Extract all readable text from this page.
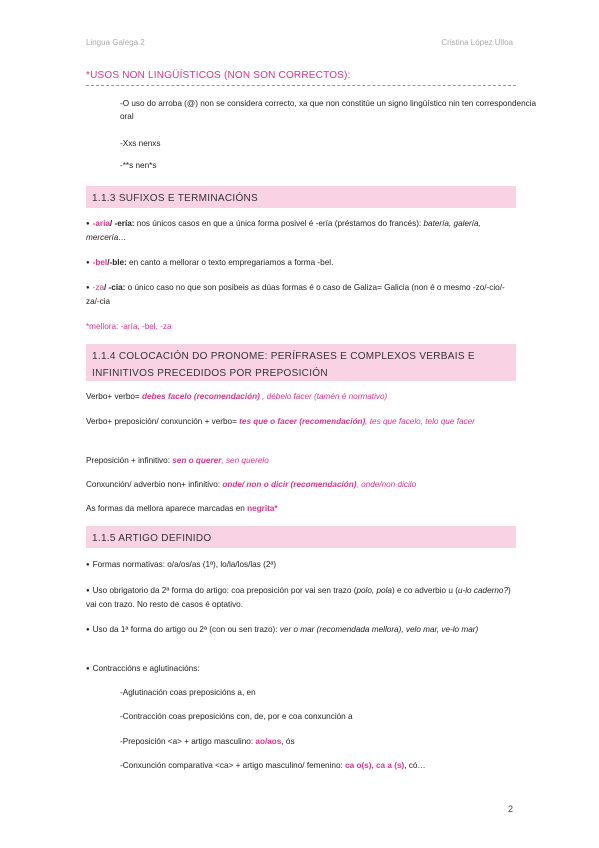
Lingua Galega 2	Cristina López Ulloa
*USOS NON LINGÜÍSTICOS (NON SON CORRECTOS):
-O uso do arroba (@) non se considera correcto, xa que non constitúe un signo lingüístico nin ten correspondencia oral
-Xxs nenxs
-**s nen*s
1.1.3 SUFIXOS E TERMINACIÓNS
● -aría/ -ería: nos únicos casos en que a única forma posivel é -ería (préstamos do francés): batería, galería, mercería…
● -bel/-ble: en canto a mellorar o texto empregariamos a forma -bel.
● -za/ -cia: o único caso no que son posibeis as dúas formas é o caso de Galiza= Galicia (non é o mesmo -zo/-cio/-za/-cia
*mellora: -aría, -bel, -za
1.1.4 COLOCACIÓN DO PRONOME: PERÍFRASES E COMPLEXOS VERBAIS E INFINITIVOS PRECEDIDOS POR PREPOSICIÓN
Verbo+ verbo= debes facelo (recomendación) , débelo facer (tamén é normativo)
Verbo+ preposición/ conxunción + verbo= tes que o facer (recomendación), tes que facelo, telo que facer
Preposición + infinitivo: sen o querer, sen querelo
Conxunción/ adverbio non+ infinitivo: onde/ non o dicir (recomendación), onde/non dicilo
As formas da mellora aparece marcadas en negrita*
1.1.5 ARTIGO DEFINIDO
● Formas normativas: o/a/os/as (1ª), lo/la/los/las (2ª)
● Uso obrigatorio da 2ª forma do artigo: coa preposición por vai sen trazo (polo, pola) e co adverbio u (u-lo caderno?) vai con trazo. No resto de casos é optativo.
● Uso da 1ª forma do artigo ou 2ª (con ou sen trazo): ver o mar (recomendada mellora), velo mar, ve-lo mar)
● Contraccións e aglutinacións:
-Aglutinación coas preposicións a, en
-Contracción coas preposicións con, de, por e coa conxunción a
-Preposición <a> + artigo masculino: ao/aos, ós
-Conxunción comparativa <ca> + artigo masculino/ femenino: ca o(s), ca a (s), có…
2
